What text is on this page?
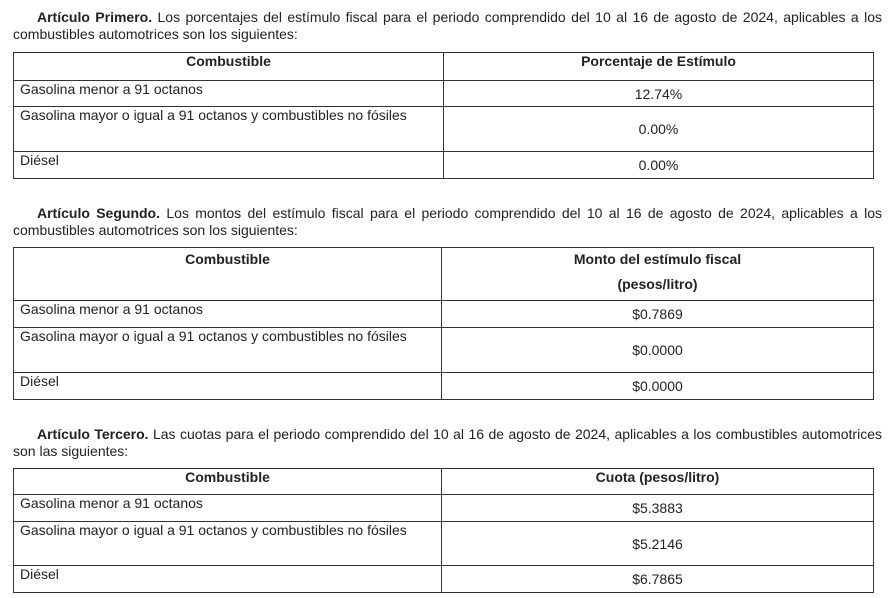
Artículo Primero. Los porcentajes del estímulo fiscal para el periodo comprendido del 10 al 16 de agosto de 2024, aplicables a los combustibles automotrices son los siguientes:

Combustible	Porcentaje de Estímulo
Gasolina menor a 91 octanos	12.74%
Gasolina mayor o igual a 91 octanos y combustibles no fósiles	0.00%
Diésel	0.00%

Artículo Segundo. Los montos del estímulo fiscal para el periodo comprendido del 10 al 16 de agosto de 2024, aplicables a los combustibles automotrices son los siguientes:

Combustible	Monto del estímulo fiscal
(pesos/litro)

Gasolina menor a 91 octanos	$0.7869
Gasolina mayor o igual a 91 octanos y combustibles no fósiles	$0.0000
Diésel	$0.0000

Artículo Tercero. Las cuotas para el periodo comprendido del 10 al 16 de agosto de 2024, aplicables a los combustibles automotrices son las siguientes:

Combustible	Cuota (pesos/litro)
Gasolina menor a 91 octanos	$5.3883
Gasolina mayor o igual a 91 octanos y combustibles no fósiles	$5.2146
Diésel	$6.7865
